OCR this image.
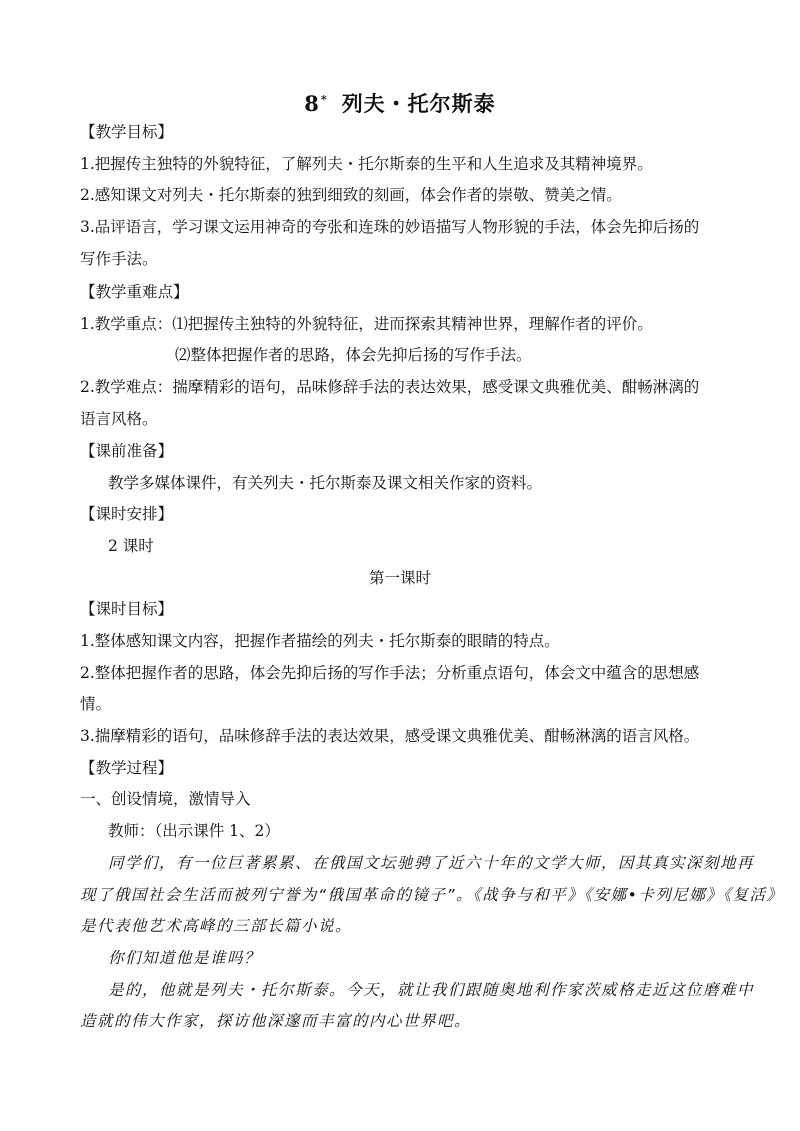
8* 列夫・托尔斯泰
【教学目标】
1.把握传主独特的外貌特征，了解列夫・托尔斯泰的生平和人生追求及其精神境界。
2.感知课文对列夫・托尔斯泰的独到细致的刻画，体会作者的崇敬、赞美之情。
3.品评语言，学习课文运用神奇的夸张和连珠的妙语描写人物形貌的手法，体会先抑后扬的
写作手法。
【教学重难点】
1.教学重点：⑴把握传主独特的外貌特征，进而探索其精神世界，理解作者的评价。
⑵整体把握作者的思路，体会先抑后扬的写作手法。
2.教学难点：揣摩精彩的语句，品味修辞手法的表达效果，感受课文典雅优美、酣畅淋漓的
语言风格。
【课前准备】
教学多媒体课件，有关列夫・托尔斯泰及课文相关作家的资料。
【课时安排】
2 课时
第一课时
【课时目标】
1.整体感知课文内容，把握作者描绘的列夫・托尔斯泰的眼睛的特点。
2.整体把握作者的思路，体会先抑后扬的写作手法；分析重点语句，体会文中蕴含的思想感
情。
3.揣摩精彩的语句，品味修辞手法的表达效果，感受课文典雅优美、酣畅淋漓的语言风格。
【教学过程】
一、创设情境，激情导入
教师：（出示课件 1、2）
同学们，有一位巨著累累、在俄国文坛驰骋了近六十年的文学大师，因其真实深刻地再
现了俄国社会生活而被列宁誉为“俄国革命的镜子”。《战争与和平》《安娜•卡列尼娜》《复活》
是代表他艺术高峰的三部长篇小说。
你们知道他是谁吗？
是的，他就是列夫・托尔斯泰。今天，就让我们跟随奥地利作家茨威格走近这位磨难中
造就的伟大作家，探访他深邃而丰富的内心世界吧。
